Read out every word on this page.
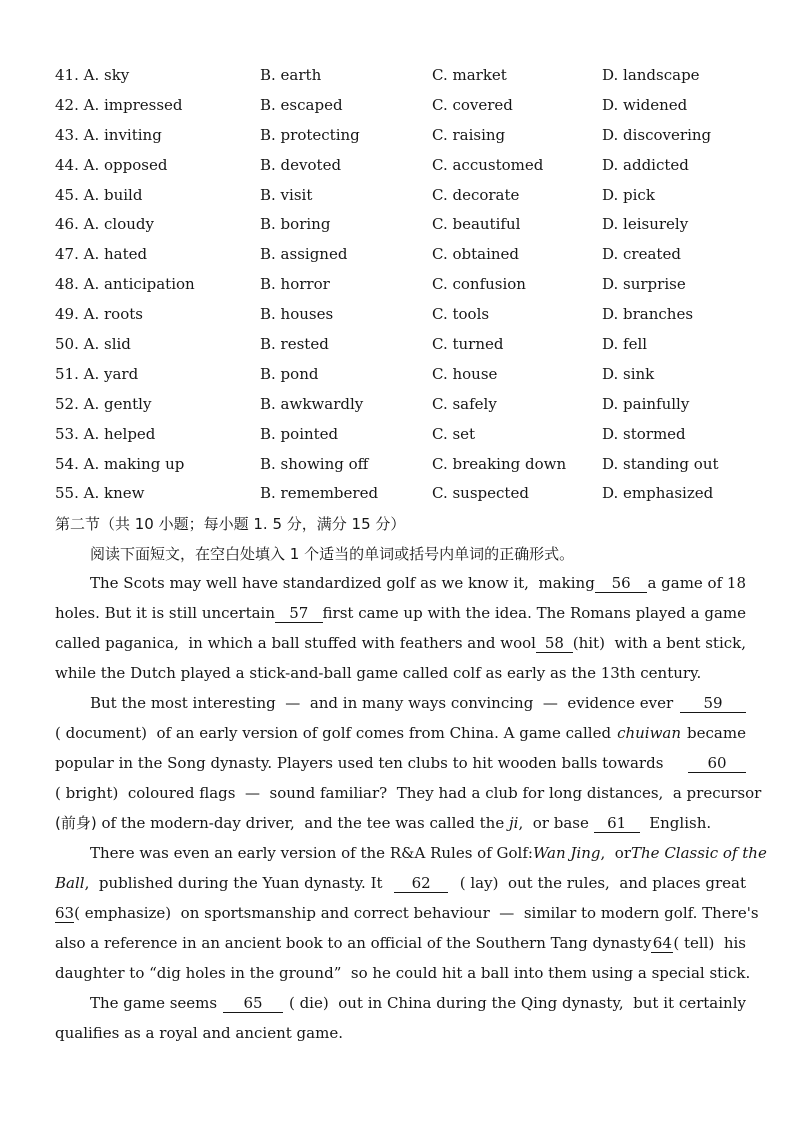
41. A. sky	B. earth	C. market	D. landscape
42. A. impressed	B. escaped	C. covered	D. widened
43. A. inviting	B. protecting	C. raising	D. discovering
44. A. opposed	B. devoted	C. accustomed	D. addicted
45. A. build	B. visit	C. decorate	D. pick
46. A. cloudy	B. boring	C. beautiful	D. leisurely
47. A. hated	B. assigned	C. obtained	D. created
48. A. anticipation	B. horror	C. confusion	D. surprise
49. A. roots	B. houses	C. tools	D. branches
50. A. slid	B. rested	C. turned	D. fell
51. A. yard	B. pond	C. house	D. sink
52. A. gently	B. awkwardly	C. safely	D. painfully
53. A. helped	B. pointed	C. set	D. stormed
54. A. making up	B. showing off	C. breaking down D. standing out
55. A. knew	B. remembered	C. suspected	D. emphasized
第二节（共 10 小题；每小题 1. 5 分，满分 15 分）
阅读下面短文，在空白处填入 1 个适当的单词或括号内单词的正确形式。
The Scots may well have standardized golf as we know it,  making	56	a game of 18
holes. But it is still uncertain 57 first came up with the idea. The Romans played a game
called paganica,  in which a ball stuffed with feathers and wool 58 (hit)  with a bent stick,
while the Dutch played a stick-and-ball game called colf as early as the 13th century.
But the most interesting  —  and in many ways convincing  —  evidence ever	59
( document)  of an early version of golf comes from China. A game called chuiwan became
popular in the Song dynasty. Players used ten clubs to hit wooden balls towards	60
( bright)  coloured flags  —  sound familiar?  They had a club for long distances,  a precursor
(前身)
of the modern-day driver,  and the tee was called the
ji ,  or base
	61
	English.
There was even an early version of the R&A Rules of Golf: Wan Jing,  or The Classic of the
Ball,  published during the Yuan dynasty. It	62	( lay)  out the rules,  and places great
63 ( emphasize)  on sportsmanship and correct behaviour  —  similar to modern golf. There's
also a reference in an ancient book to an official of the Southern Tang dynasty 64 ( tell)  his
daughter to “dig holes in the ground”  so he could hit a ball into them using a special stick.
The game seems	65	( die)  out in China during the Qing dynasty,  but it certainly
qualifies as a royal and ancient game.
